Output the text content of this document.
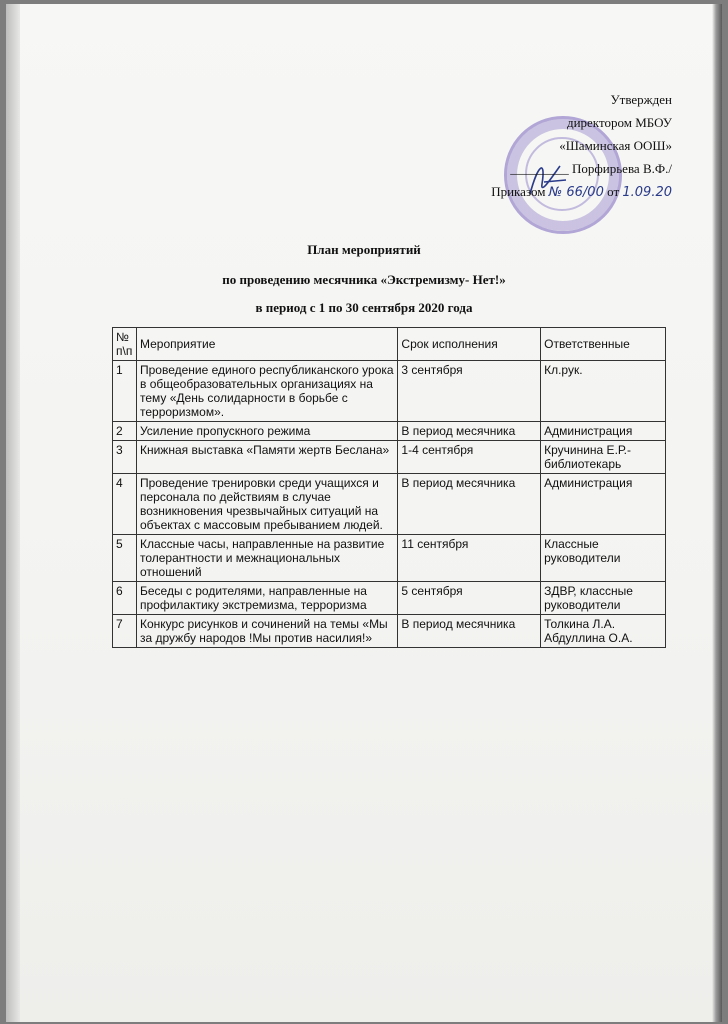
Утвержден
директором МБОУ
«Шаминская ООШ»
_________ Порфирьева В.Ф./
Приказом № 66/00 от 1.09.20
План мероприятий
по проведению месячника «Экстремизму- Нет!»
в период с 1 по 30 сентября 2020 года
№ п\п	Мероприятие	Срок исполнения	Ответственные
1	Проведение единого республиканского урока в общеобразовательных организациях на тему «День солидарности в борьбе с терроризмом».	3 сентября	Кл.рук.
2	Усиление пропускного режима	В период месячника	Администрация
3	Книжная выставка «Памяти жертв Беслана»	1-4 сентября	Кручинина Е.Р.-библиотекарь
4	Проведение тренировки среди учащихся и персонала по действиям в случае возникновения чрезвычайных ситуаций на объектах с массовым пребыванием людей.	В период месячника	Администрация
5	Классные часы, направленные на развитие толерантности и межнациональных отношений	11 сентября	Классные руководители
6	Беседы с родителями, направленные на профилактику экстремизма, терроризма	5 сентября	ЗДВР, классные руководители
7	Конкурс рисунков и сочинений на темы «Мы за дружбу народов !Мы против насилия!»	В период месячника	Толкина Л.А. Абдуллина О.А.
